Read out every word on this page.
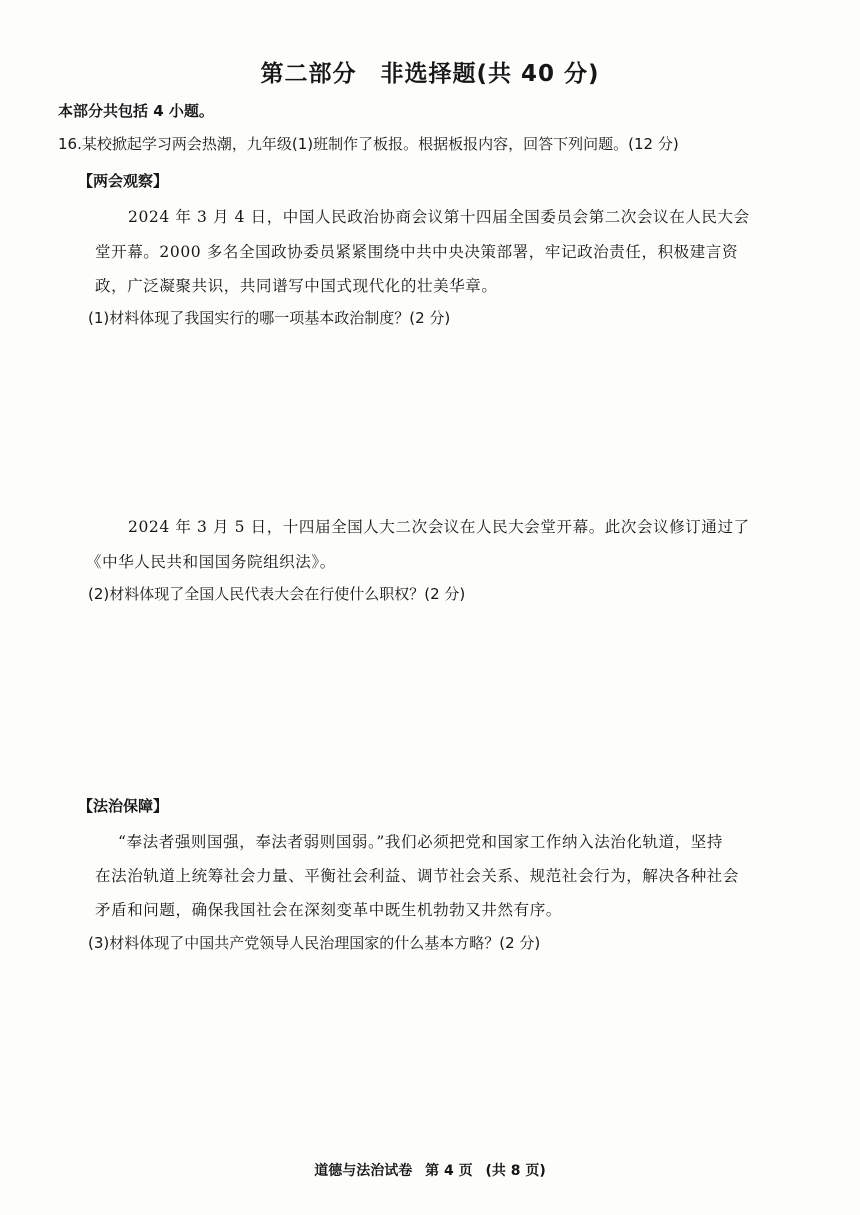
第二部分　非选择题(共 40 分)
本部分共包括 4 小题。
16.某校掀起学习两会热潮，九年级(1)班制作了板报。根据板报内容，回答下列问题。(12 分)
【两会观察】
2024 年 3 月 4 日，中国人民政治协商会议第十四届全国委员会第二次会议在人民大会
堂开幕。2000 多名全国政协委员紧紧围绕中共中央决策部署，牢记政治责任，积极建言资
政，广泛凝聚共识，共同谱写中国式现代化的壮美华章。
(1)材料体现了我国实行的哪一项基本政治制度？(2 分)
2024 年 3 月 5 日，十四届全国人大二次会议在人民大会堂开幕。此次会议修订通过了
《中华人民共和国国务院组织法》。
(2)材料体现了全国人民代表大会在行使什么职权？(2 分)
【法治保障】
“奉法者强则国强，奉法者弱则国弱。”我们必须把党和国家工作纳入法治化轨道，坚持
在法治轨道上统筹社会力量、平衡社会利益、调节社会关系、规范社会行为，解决各种社会
矛盾和问题，确保我国社会在深刻变革中既生机勃勃又井然有序。
(3)材料体现了中国共产党领导人民治理国家的什么基本方略？(2 分)
道德与法治试卷 第 4 页 (共 8 页)
